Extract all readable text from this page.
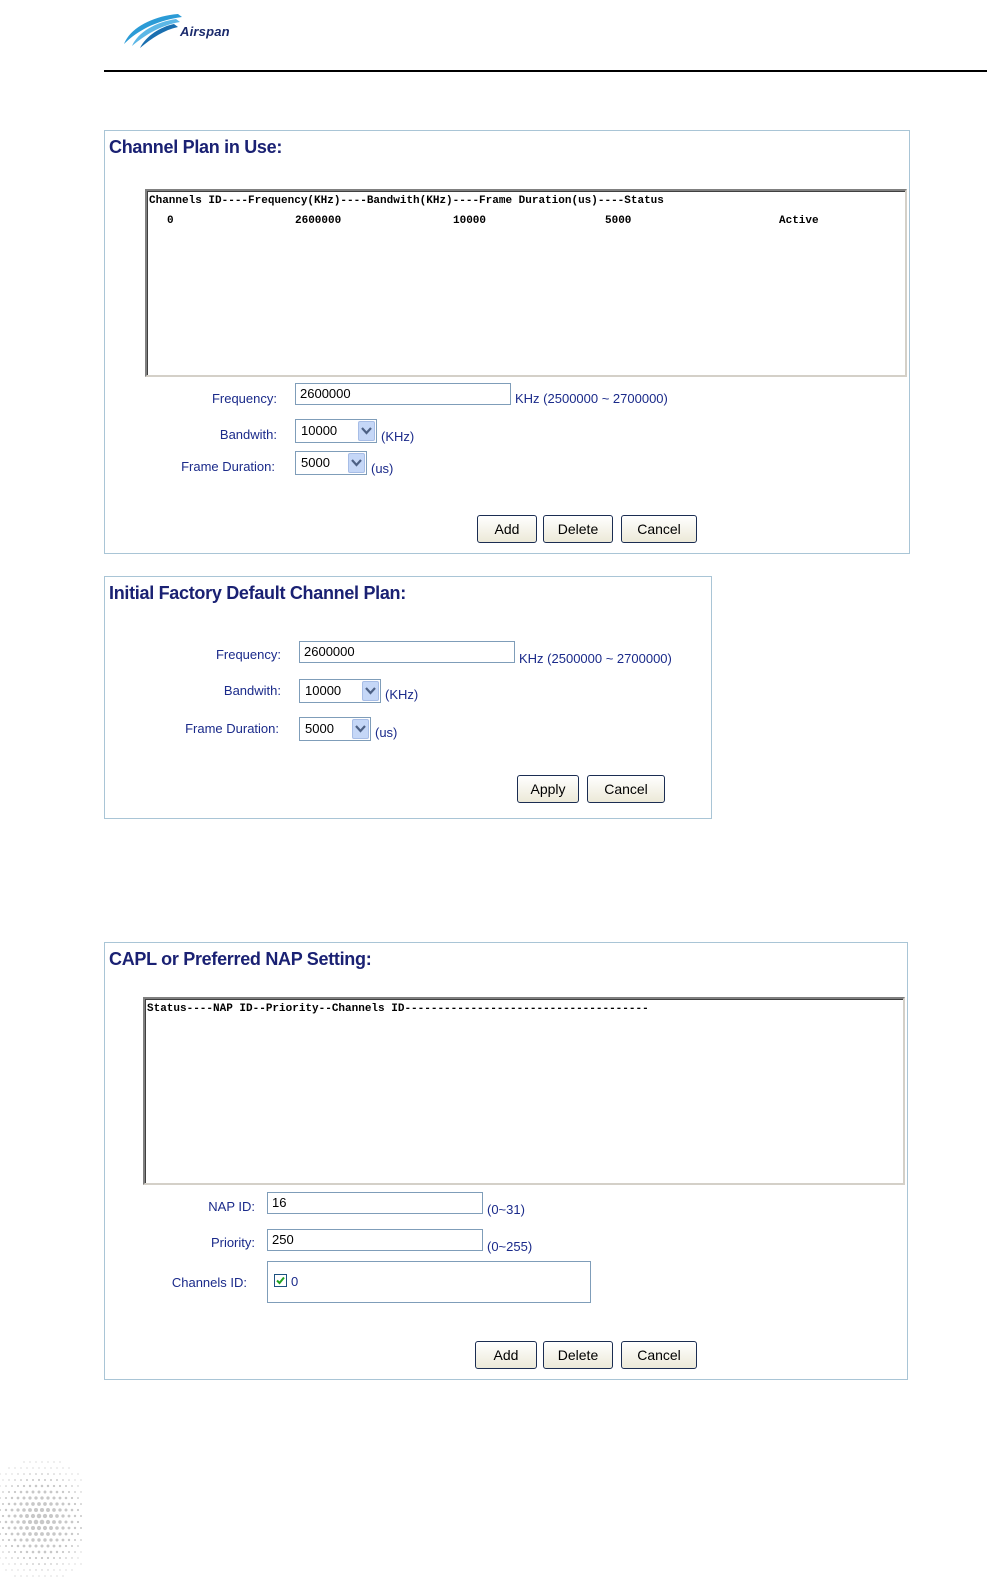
Airspan
Channel Plan in Use:
Channels ID----Frequency(KHz)----Bandwith(KHz)----Frame Duration(us)----Status
0	2600000	10000	5000	Active
Frequency:	2600000	KHz (2500000 ~ 2700000)
Bandwith: 10000	(KHz)
Frame Duration: 5000	(us)
Add	Delete	Cancel
Initial Factory Default Channel Plan:
Frequency:	2600000	KHz (2500000 ~ 2700000)
Bandwith: 10000	(KHz)
Frame Duration: 5000	(us)
Apply	Cancel
CAPL or Preferred NAP Setting:
Status----NAP ID--Priority--Channels ID-------------------------------------
NAP ID:	16	(0~31)
Priority:	250	(0~255)
Channels ID:	0
Add	Delete	Cancel
